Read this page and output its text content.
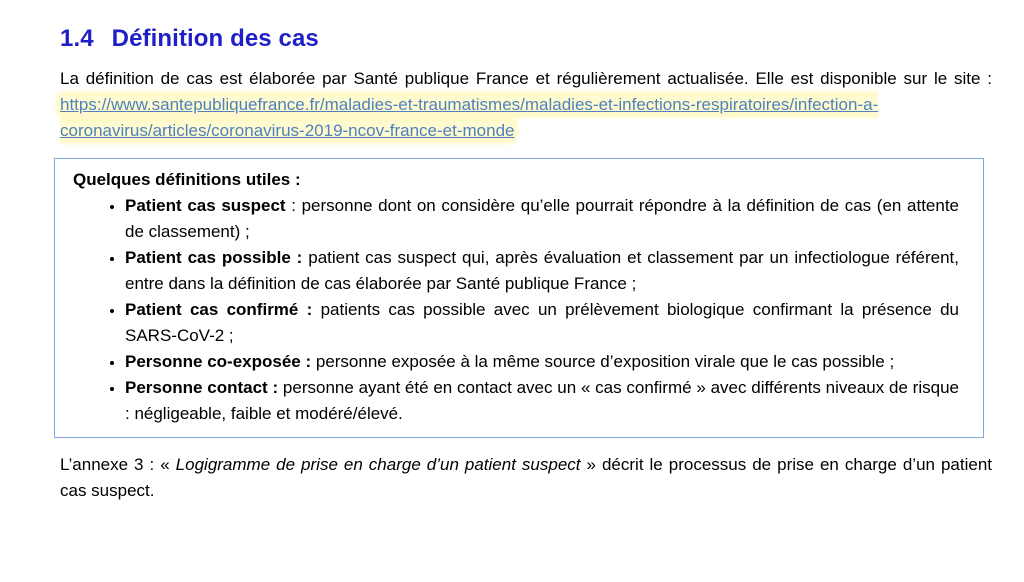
1.4 Définition des cas
La définition de cas est élaborée par Santé publique France et régulièrement actualisée. Elle est disponible sur le site : https://www.santepubliquefrance.fr/maladies-et-traumatismes/maladies-et-infections-respiratoires/infection-a-coronavirus/articles/coronavirus-2019-ncov-france-et-monde
Quelques définitions utiles :
• Patient cas suspect : personne dont on considère qu’elle pourrait répondre à la définition de cas (en attente de classement) ;
• Patient cas possible : patient cas suspect qui, après évaluation et classement par un infectiologue référent, entre dans la définition de cas élaborée par Santé publique France ;
• Patient cas confirmé : patients cas possible avec un prélèvement biologique confirmant la présence du SARS-CoV-2 ;
• Personne co-exposée : personne exposée à la même source d’exposition virale que le cas possible ;
• Personne contact : personne ayant été en contact avec un « cas confirmé » avec différents niveaux de risque : négligeable, faible et modéré/élevé.
L’annexe 3 : « Logigramme de prise en charge d’un patient suspect » décrit le processus de prise en charge d’un patient cas suspect.
